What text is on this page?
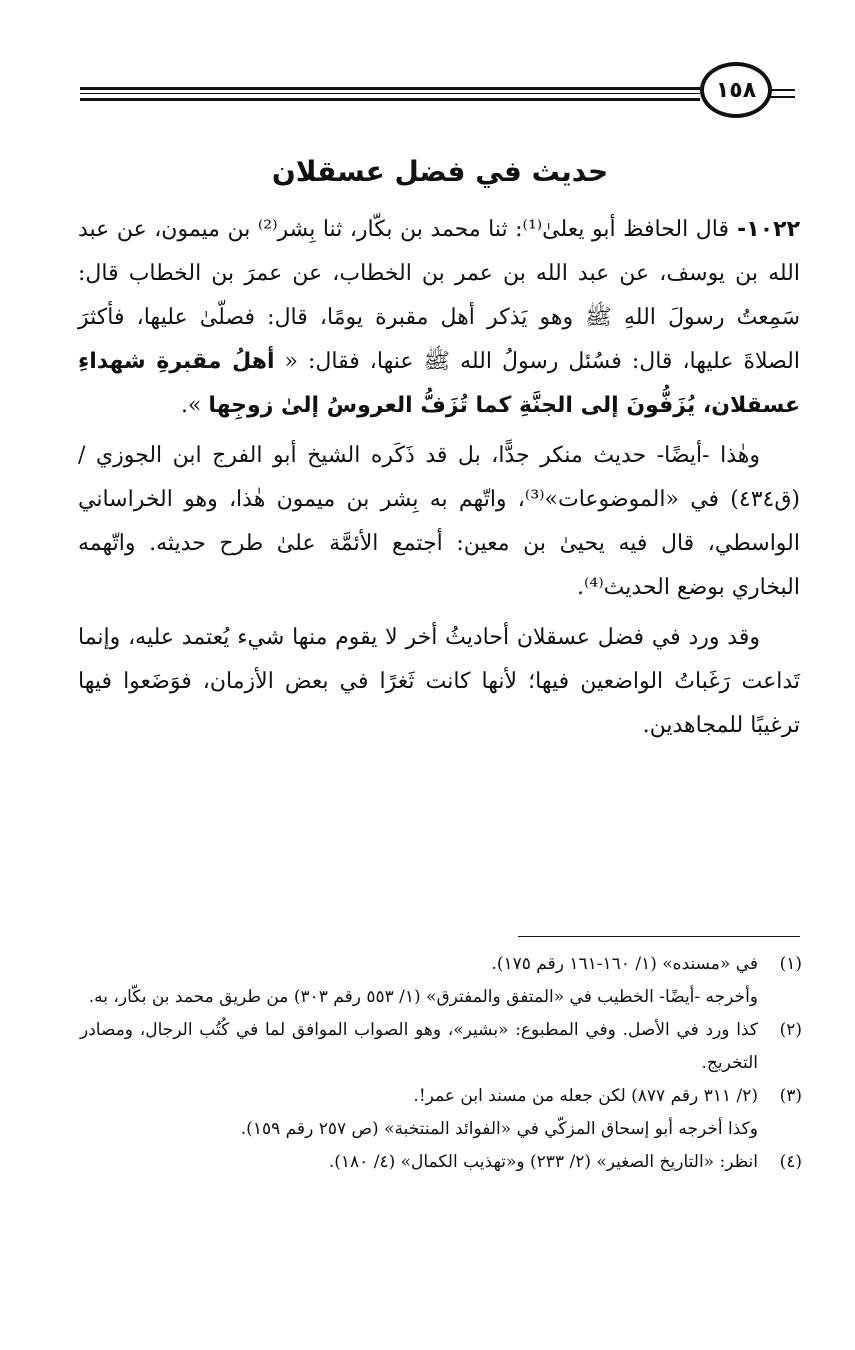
١٥٨
حديث في فضل عسقلان

١٠٢٢- قال الحافظ أبو يعلىٰ⁽¹⁾: ثنا محمد بن بكّار، ثنا بِشر⁽²⁾ بن ميمون، عن عبد الله بن يوسف، عن عبد الله بن عمر بن الخطاب، عن عمرَ بن الخطاب قال: سَمِعتُ رسولَ اللهِ ﷺ وهو يَذكر أهل مقبرة يومًا، قال: فصلّىٰ عليها، فأكثرَ الصلاةَ عليها، قال: فسُئل رسولُ الله ﷺ عنها، فقال: « أهلُ مقبرةِ شهداءِ عسقلان، يُزَفُّونَ إلى الجنَّةِ كما تُزَفُّ العروسُ إلىٰ زوجِها ».

وهٰذا -أيضًا- حديث منكر جدًّا، بل قد ذَكَره الشيخ أبو الفرج ابن الجوزي / (ق٤٣٤) في «الموضوعات»⁽³⁾، واتّهم به بِشر بن ميمون هٰذا، وهو الخراساني الواسطي، قال فيه يحيىٰ بن معين: أجتمع الأئمَّة علىٰ طرح حديثه. واتّهمه البخاري بوضع الحديث⁽⁴⁾.

وقد ورد في فضل عسقلان أحاديثُ أخر لا يقوم منها شيء يُعتمد عليه، وإنما تَداعت رَغَباتُ الواضعين فيها؛ لأنها كانت ثَغرًا في بعض الأزمان، فوَضَعوا فيها ترغيبًا للمجاهدين.

(١)
في «مسنده» (١/ ١٦٠-١٦١ رقم ١٧٥).
وأخرجه -أيضًا- الخطيب في «المتفق والمفترق» (١/ ٥٥٣ رقم ٣٠٣) من طريق محمد بن بكّار، به.
(٢)
كذا ورد في الأصل. وفي المطبوع: «بشير»، وهو الصواب الموافق لما في كُتُب الرجال، ومصادر التخريج.
(٣)
(٢/ ٣١١ رقم ٨٧٧) لكن جعله من مسند ابن عمر!.
وكذا أخرجه أبو إسحاق المزكّي في «الفوائد المنتخبة» (ص ٢٥٧ رقم ١٥٩).
(٤)
انظر: «التاريخ الصغير» (٢/ ٢٣٣) و«تهذيب الكمال» (٤/ ١٨٠).
